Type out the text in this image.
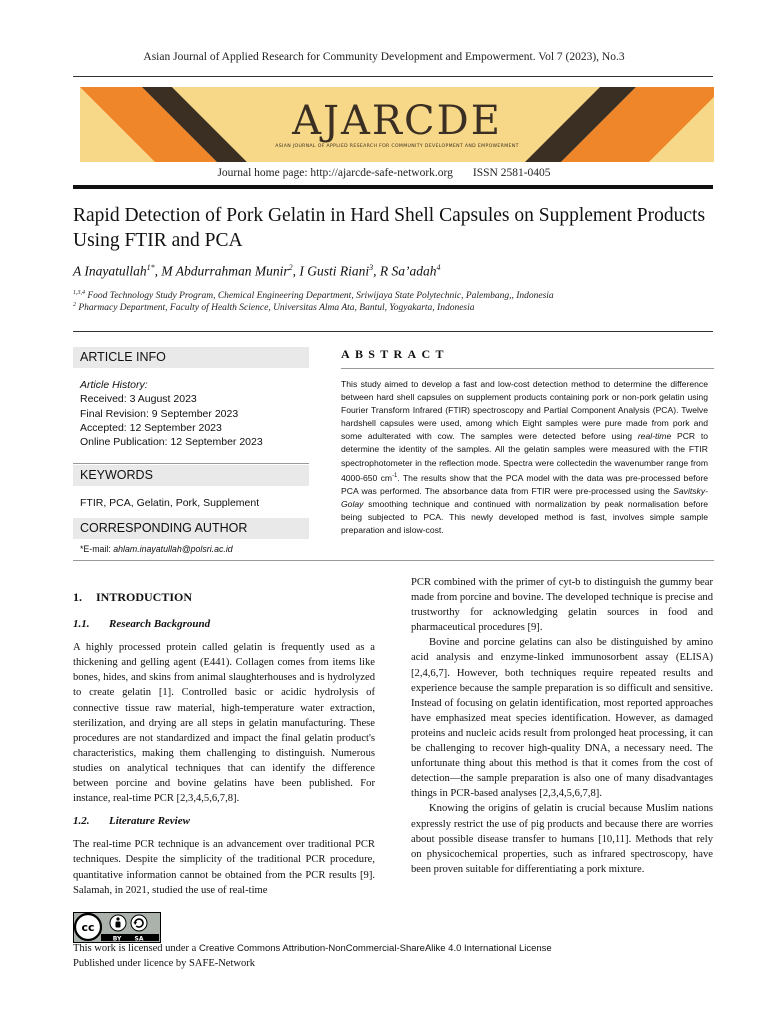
Asian Journal of Applied Research for Community Development and Empowerment. Vol 7 (2023), No.3
AJARCDE
ASIAN JOURNAL OF APPLIED RESEARCH FOR COMMUNITY DEVELOPMENT AND EMPOWERMENT
Journal home page: http://ajarcde-safe-network.org ISSN 2581-0405
Rapid Detection of Pork Gelatin in Hard Shell Capsules on Supplement Products Using FTIR and PCA
A Inayatullah$^{1*}$, M Abdurrahman Munir$^2$, I Gusti Riani$^3$, R Sa’adah$^4$
$^{1,3,4}$ Food Technology Study Program, Chemical Engineering Department, Sriwijaya State Polytechnic, Palembang,, Indonesia
$^2$ Pharmacy Department, Faculty of Health Science, Universitas Alma Ata, Bantul, Yogyakarta, Indonesia
ARTICLE INFO
Article History:
Received: 3 August 2023
Final Revision: 9 September 2023
Accepted: 12 September 2023
Online Publication: 12 September 2023
KEYWORDS
FTIR, PCA, Gelatin, Pork, Supplement
CORRESPONDING AUTHOR
*E-mail: ahlam.inayatullah@polsri.ac.id
ABSTRACT
This study aimed to develop a fast and low-cost detection method to determine the difference between hard shell capsules on supplement products containing pork or non-pork gelatin using Fourier Transform Infrared (FTIR) spectroscopy and Partial Component Analysis (PCA). Twelve hardshell capsules were used, among which Eight samples were pure made from pork and some adulterated with cow. The samples were detected before using real-time PCR to determine the identity of the samples. All the gelatin samples were measured with the FTIR spectrophotometer in the reflection mode. Spectra were collectedin the wavenumber range from 4000-650 $cm^{-1}$. The results show that the PCA model with the data was pre-processed before PCA was performed. The absorbance data from FTIR were pre-processed using the Savitsky-Golay smoothing technique and continued with normalization by peak normalisation before being subjected to PCA. This newly developed method is fast, involves simple sample preparation and islow-cost.
1. INTRODUCTION
1.1. Research Background
A highly processed protein called gelatin is frequently used as a thickening and gelling agent (E441). Collagen comes from items like bones, hides, and skins from animal slaughterhouses and is hydrolyzed to create gelatin [1]. Controlled basic or acidic hydrolysis of connective tissue raw material, high-temperature water extraction, sterilization, and drying are all steps in gelatin manufacturing. These procedures are not standardized and impact the final gelatin product's characteristics, making them challenging to distinguish. Numerous studies on analytical techniques that can identify the difference between porcine and bovine gelatins have been published. For instance, real-time PCR [2,3,4,5,6,7,8].
1.2. Literature Review
The real-time PCR technique is an advancement over traditional PCR techniques. Despite the simplicity of the traditional PCR procedure, quantitative information cannot be obtained from the PCR results [9]. Salamah, in 2021, studied the use of real-time
PCR combined with the primer of cyt-b to distinguish the gummy bear made from porcine and bovine. The developed technique is precise and trustworthy for acknowledging gelatin sources in food and pharmaceutical procedures [9].
Bovine and porcine gelatins can also be distinguished by amino acid analysis and enzyme-linked immunosorbent assay (ELISA) [2,4,6,7]. However, both techniques require repeated results and experience because the sample preparation is so difficult and sensitive. Instead of focusing on gelatin identification, most reported approaches have emphasized meat species identification. However, as damaged proteins and nucleic acids result from prolonged heat processing, it can be challenging to recover high-quality DNA, a necessary need. The unfortunate thing about this method is that it comes from the cost of detection—the sample preparation is also one of many disadvantages things in PCR-based analyses [2,3,4,5,6,7,8].
Knowing the origins of gelatin is crucial because Muslim nations expressly restrict the use of pig products and because there are worries about possible disease transfer to humans [10,11]. Methods that rely on physicochemical properties, such as infrared spectroscopy, have been proven suitable for differentiating a pork mixture.
cc
BY SA
This work is licensed under a Creative Commons Attribution-NonCommercial-ShareAlike 4.0 International License
Published under licence by SAFE-Network
